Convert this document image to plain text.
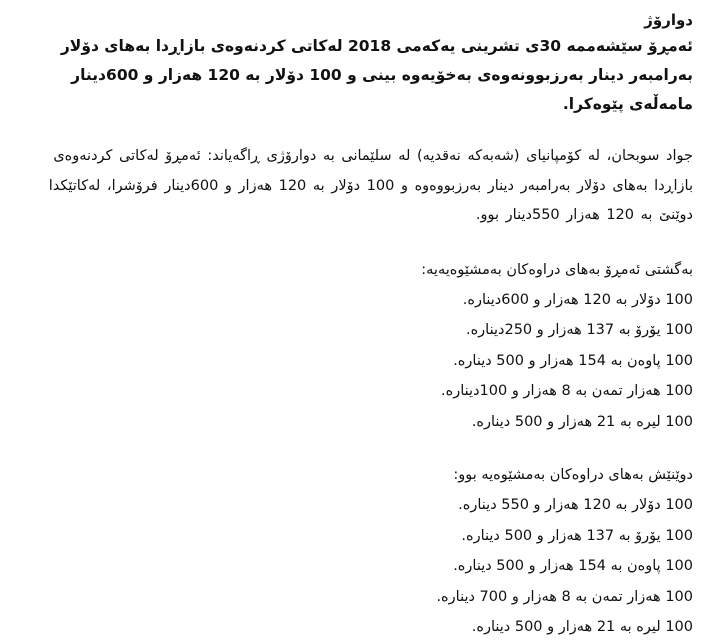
دوارۆژ

ئەمڕۆ سێشەممە 30ی تشرینی یەکەمی 2018 لەکاتی کردنەوەی بازاڕدا بەهای دۆلار بەرامبەر دینار بەرزبوونەوەی بەخۆیەوە بینی و 100 دۆلار بە 120 هەزار و 600دینار مامەڵەی پێوەکرا.

جواد سوبحان، لە کۆمپانیای (شەبەکە نەقدیە) لە سلێمانی بە دوارۆژی ڕاگەیاند: ئەمڕۆ لەکاتی کردنەوەی بازاڕدا بەهای دۆلار بەرامبەر دینار بەرزبووەوە و 100 دۆلار بە 120 هەزار و 600دینار فرۆشرا، لەکاتێکدا دوێنێ بە 120 هەزار 550دینار بوو.

بەگشتی ئەمڕۆ بەهای دراوەکان بەمشێوەیەیە:

100 دۆلار بە 120 هەزار و 600دیناره.
100 یۆرۆ بە 137 هەزار و 250دیناره.
100 پاوەن بە 154 هەزار و 500 دیناره.
100 هەزار تمەن بە 8 هەزار و 100دیناره.
100 لیره بە 21 هەزار و 500 دیناره.

دوێنێش بەهای دراوەکان بەمشێوەیە بوو:

100 دۆلار بە 120 هەزار و 550 دیناره.
100 یۆرۆ بە 137 هەزار و 500 دیناره.
100 پاوەن بە 154 هەزار و 500 دیناره.
100 هەزار تمەن بە 8 هەزار و 700 دیناره.
100 لیره بە 21 هەزار و 500 دیناره.
